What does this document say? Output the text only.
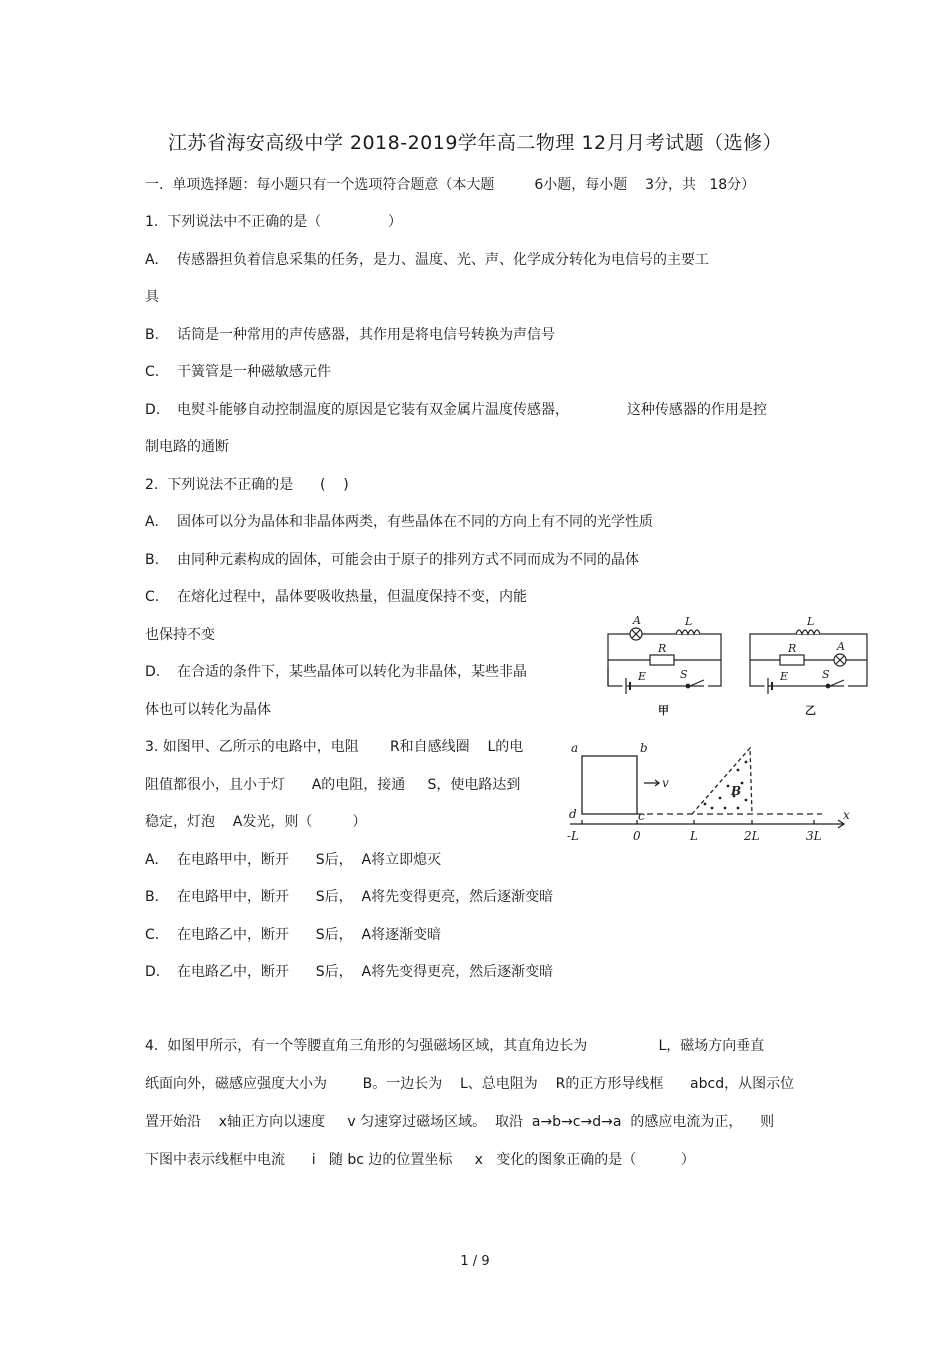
江苏省海安高级中学 2018-2019学年高二物理 12月月考试题（选修）
一.  单项选择题：每小题只有一个选项符合题意（本大题         6小题，每小题    3分，共   18分）
1.  下列说法中不正确的是（               ）
A. 传感器担负着信息采集的任务，是力、温度、光、声、化学成分转化为电信号的主要工
具
B. 话筒是一种常用的声传感器，其作用是将电信号转换为声信号
C. 干簧管是一种磁敏感元件
D. 电熨斗能够自动控制温度的原因是它装有双金属片温度传感器，             这种传感器的作用是控
制电路的通断
2.  下列说法不正确的是      (    )
A. 固体可以分为晶体和非晶体两类，有些晶体在不同的方向上有不同的光学性质
B. 由同种元素构成的固体，可能会由于原子的排列方式不同而成为不同的晶体
C. 在熔化过程中，晶体要吸收热量，但温度保持不变，内能
也保持不变
D. 在合适的条件下，某些晶体可以转化为非晶体，某些非晶
体也可以转化为晶体
3. 如图甲、乙所示的电路中，电阻       R和自感线圈    L的电
阻值都很小，且小于灯      A的电阻，接通     S，使电路达到
稳定，灯泡    A发光，则（         ）
A. 在电路甲中，断开      S后，  A将立即熄灭
B. 在电路甲中，断开      S后，  A将先变得更亮，然后逐渐变暗
C. 在电路乙中，断开      S后，  A将逐渐变暗
D. 在电路乙中，断开      S后，  A将先变得更亮，然后逐渐变暗
4.  如图甲所示，有一个等腰直角三角形的匀强磁场区域，其直角边长为                L，磁场方向垂直
纸面向外，磁感应强度大小为        B。一边长为    L、总电阻为    R的正方形导线框      abcd，从图示位
置开始沿    x轴正方向以速度     v 匀速穿过磁场区域。  取沿  a→b→c→d→a  的感应电流为正，    则
下图中表示线框中电流      i   随 bc 边的位置坐标     x   变化的图象正确的是（          ）
A	L
R
E	S
L
A
R
E	S
甲	乙
a	b
c
d
v
B
x
-L	0	L	2L	3L
1 / 9
